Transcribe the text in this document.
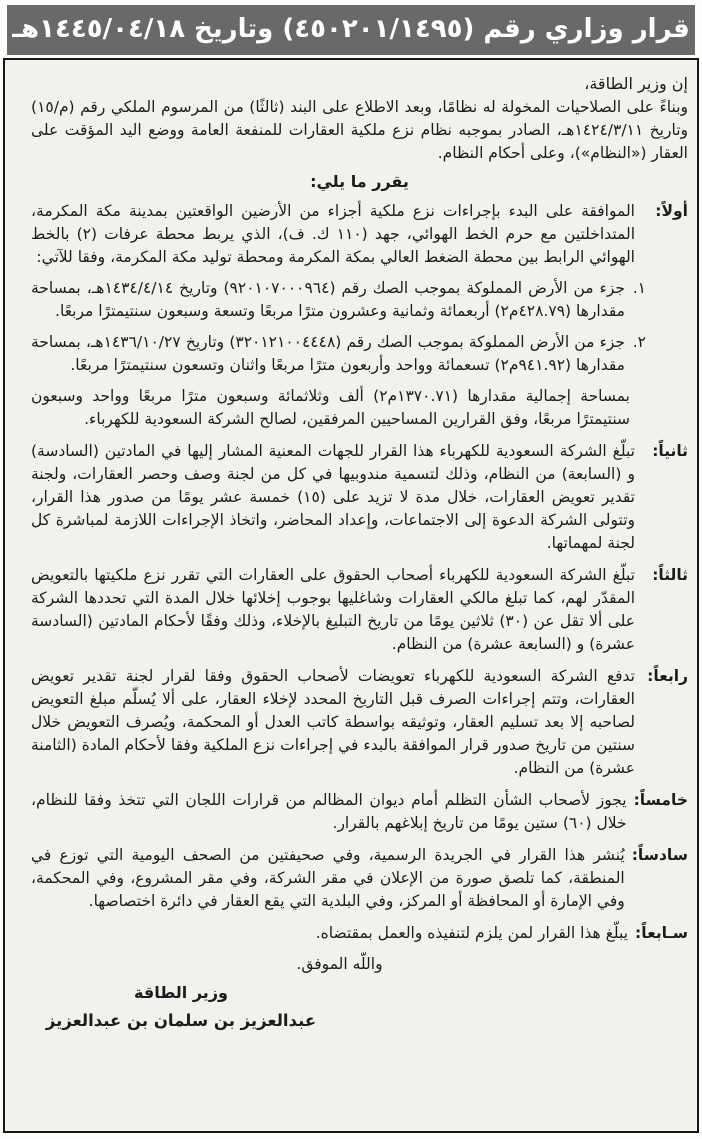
قرار وزاري رقم (٤٥٠٢٠١/١٤٩٥) وتاريخ ١٤٤٥/٠٤/١٨هـ

إن وزير الطاقة،

وبناءً على الصلاحيات المخولة له نظامًا، وبعد الاطلاع على البند (ثالثًا) من المرسوم الملكي رقم (م/١٥) وتاريخ ١٤٢٤/٣/١١هـ، الصادر بموجبه نظام نزع ملكية العقارات للمنفعة العامة ووضع اليد المؤقت على العقار («النظام»)، وعلى أحكام النظام.

يقرر ما يلي:

أولاً:

الموافقة على البدء بإجراءات نزع ملكية أجزاء من الأرضين الواقعتين بمدينة مكة المكرمة، المتداخلتين مع حرم الخط الهوائي، جهد (١١٠ ك. ف)، الذي يربط محطة عرفات (٢) بالخط الهوائي الرابط بين محطة الضغط العالي بمكة المكرمة ومحطة توليد مكة المكرمة، وفقا للآتي:

١.

جزء من الأرض المملوكة بموجب الصك رقم (٩٢٠١٠٧٠٠٠٩٦٤) وتاريخ ١٤٣٤/٤/١٤هـ، بمساحة مقدارها (٤٢٨.٧٩م٢) أربعمائة وثمانية وعشرون مترًا مربعًا وتسعة وسبعون سنتيمترًا مربعًا.

٢.

جزء من الأرض المملوكة بموجب الصك رقم (٣٢٠١٢١٠٠٤٤٤٨) وتاريخ ١٤٣٦/١٠/٢٧هـ، بمساحة مقدارها (٩٤١.٩٢م٢) تسعمائة وواحد وأربعون مترًا مربعًا واثنان وتسعون سنتيمترًا مربعًا.

بمساحة إجمالية مقدارها (١٣٧٠.٧١م٢) ألف وثلاثمائة وسبعون مترًا مربعًا وواحد وسبعون سنتيمترًا مربعًا، وفق القرارين المساحيين المرفقين، لصالح الشركة السعودية للكهرباء.

ثانياً:

تبلّغ الشركة السعودية للكهرباء هذا القرار للجهات المعنية المشار إليها في المادتين (السادسة) و (السابعة) من النظام، وذلك لتسمية مندوبيها في كل من لجنة وصف وحصر العقارات، ولجنة تقدير تعويض العقارات، خلال مدة لا تزيد على (١٥) خمسة عشر يومًا من صدور هذا القرار، وتتولى الشركة الدعوة إلى الاجتماعات، وإعداد المحاضر، واتخاذ الإجراءات اللازمة لمباشرة كل لجنة لمهماتها.

ثالثاً:

تبلّغ الشركة السعودية للكهرباء أصحاب الحقوق على العقارات التي تقرر نزع ملكيتها بالتعويض المقدّر لهم، كما تبلغ مالكي العقارات وشاغليها بوجوب إخلائها خلال المدة التي تحددها الشركة على ألا تقل عن (٣٠) ثلاثين يومًا من تاريخ التبليغ بالإخلاء، وذلك وفقًا لأحكام المادتين (السادسة عشرة) و (السابعة عشرة) من النظام.

رابعاً:

تدفع الشركة السعودية للكهرباء تعويضات لأصحاب الحقوق وفقا لقرار لجنة تقدير تعويض العقارات، وتتم إجراءات الصرف قبل التاريخ المحدد لإخلاء العقار، على ألا يُسلّم مبلغ التعويض لصاحبه إلا بعد تسليم العقار، وتوثيقه بواسطة كاتب العدل أو المحكمة، ويُصرف التعويض خلال سنتين من تاريخ صدور قرار الموافقة بالبدء في إجراءات نزع الملكية وفقا لأحكام المادة (الثامنة عشرة) من النظام.

خامساً:

يجوز لأصحاب الشأن التظلم أمام ديوان المظالم من قرارات اللجان التي تتخذ وفقا للنظام، خلال (٦٠) ستين يومًا من تاريخ إبلاغهم بالقرار.

سادساً:

يُنشر هذا القرار في الجريدة الرسمية، وفي صحيفتين من الصحف اليومية التي توزع في المنطقة، كما تلصق صورة من الإعلان في مقر الشركة، وفي مقر المشروع، وفي المحكمة، وفي الإمارة أو المحافظة أو المركز، وفي البلدية التي يقع العقار في دائرة اختصاصها.

سـابعاً:

يبلّغ هذا القرار لمن يلزم لتنفيذه والعمل بمقتضاه.

واللّه الموفق.

وزير الطاقة

عبدالعزيز بن سلمان بن عبدالعزيز
